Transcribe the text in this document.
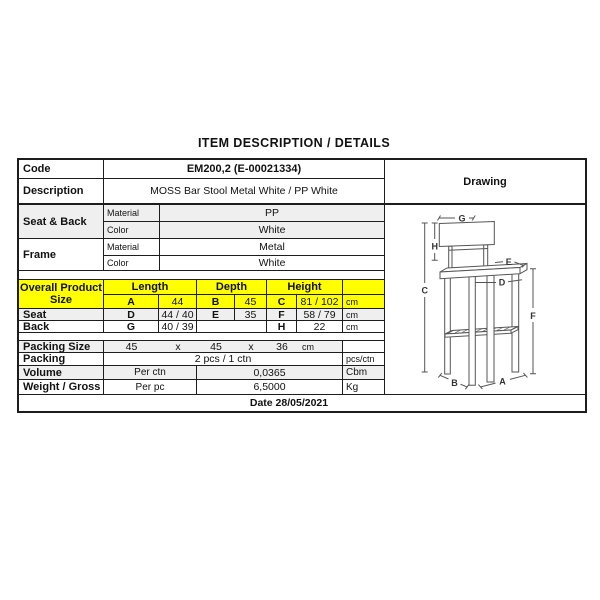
ITEM DESCRIPTION / DETAILS
Code	EM200,2 (E-00021334)
Drawing
Description	MOSS Bar Stool Metal White / PP White
Seat & Back
Material	PP
Color	White
Frame
Material	Metal
Color	White
Overall Product
Size
Length	Depth	Height
A	44	B	45	C	81 / 102 cm
Seat	D	44 / 40	E	35	F	58 / 79	cm
Back	G	40 / 39	H	22	cm
Packing Size	45	x	45	x	36	cm
Packing	2 pcs / 1 ctn	pcs/ctn
Volume	Per ctn	0,0365	Cbm
Weight / Gross	Per pc	6,5000	Kg
G
H
C
E
D
F
B	A
Date 28/05/2021
